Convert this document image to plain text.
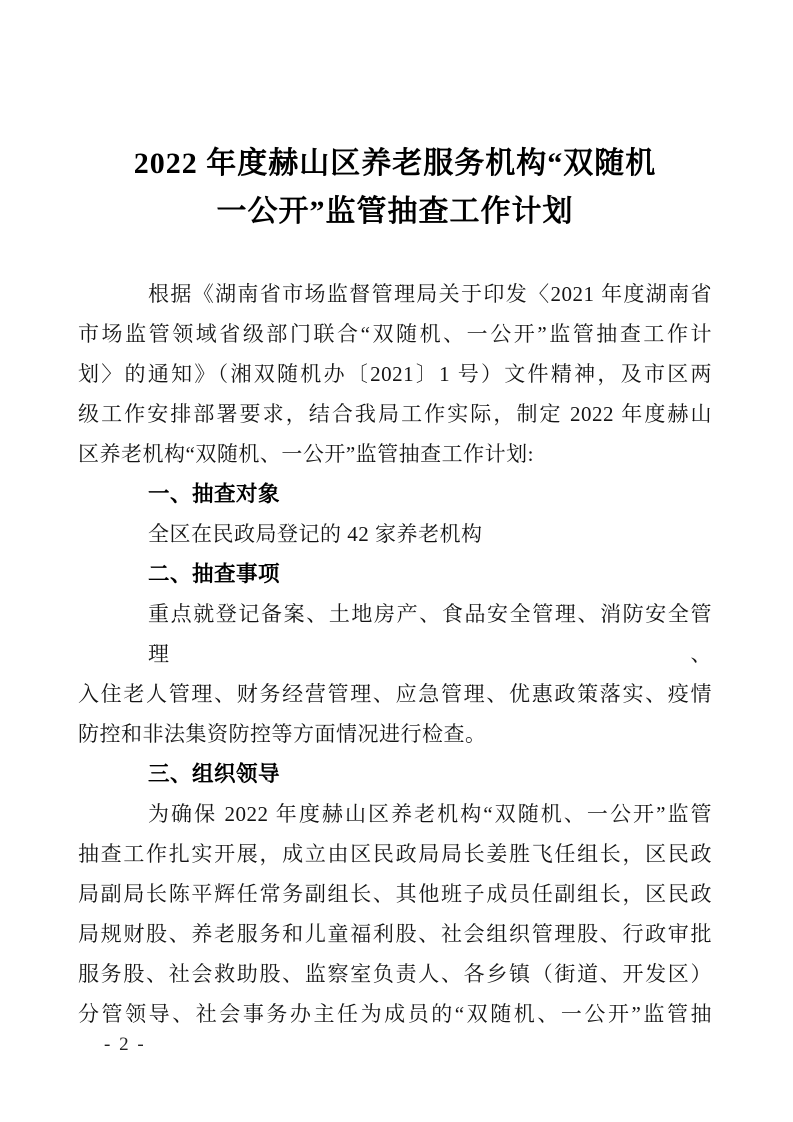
2022 年度赫山区养老服务机构“双随机
一公开”监管抽查工作计划

根据《湖南省市场监督管理局关于印发〈2021 年度湖南省

市场监管领域省级部门联合“双随机、一公开”监管抽查工作计

划〉的通知》（湘双随机办〔2021〕1 号）文件精神，及市区两

级工作安排部署要求，结合我局工作实际，制定 2022 年度赫山

区养老机构“双随机、一公开”监管抽查工作计划:

一、抽查对象

全区在民政局登记的 42 家养老机构

二、抽查事项

重点就登记备案、土地房产、食品安全管理、消防安全管理、

入住老人管理、财务经营管理、应急管理、优惠政策落实、疫情

防控和非法集资防控等方面情况进行检查。

三、组织领导

为确保 2022 年度赫山区养老机构“双随机、一公开”监管

抽查工作扎实开展，成立由区民政局局长姜胜飞任组长，区民政

局副局长陈平辉任常务副组长、其他班子成员任副组长，区民政

局规财股、养老服务和儿童福利股、社会组织管理股、行政审批

服务股、社会救助股、监察室负责人、各乡镇（街道、开发区）

分管领导、社会事务办主任为成员的“双随机、一公开”监管抽

- 2 -
